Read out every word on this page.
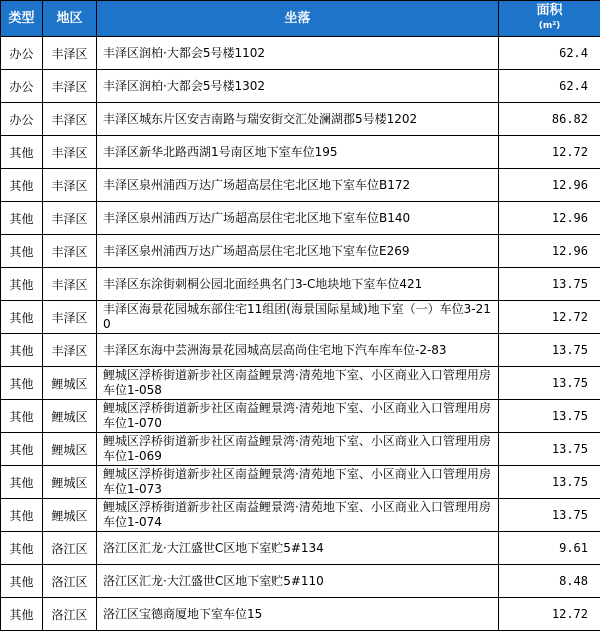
类型	地区	坐落	面积
(m²)
办公	丰泽区	丰泽区润柏·大都会5号楼1102	62.4
办公	丰泽区	丰泽区润柏·大都会5号楼1302	62.4
办公	丰泽区	丰泽区城东片区安吉南路与瑞安街交汇处澜湖郡5号楼1202	86.82
其他	丰泽区	丰泽区新华北路西湖1号南区地下室车位195	12.72
其他	丰泽区	丰泽区泉州浦西万达广场超高层住宅北区地下室车位B172	12.96
其他	丰泽区	丰泽区泉州浦西万达广场超高层住宅北区地下室车位B140	12.96
其他	丰泽区	丰泽区泉州浦西万达广场超高层住宅北区地下室车位E269	12.96
其他	丰泽区	丰泽区东涂街刺桐公园北面经典名门3-C地块地下室车位421	13.75
其他	丰泽区	丰泽区海景花园城东部住宅11组团(海景国际星域)地下室（一）车位3-210	12.72
其他	丰泽区	丰泽区东海中芸洲海景花园城高层高尚住宅地下汽车库车位-2-83	13.75
其他	鲤城区	鲤城区浮桥街道新步社区南益鲤景湾·清苑地下室、小区商业入口管理用房车位1-058	13.75
其他	鲤城区	鲤城区浮桥街道新步社区南益鲤景湾·清苑地下室、小区商业入口管理用房车位1-070	13.75
其他	鲤城区	鲤城区浮桥街道新步社区南益鲤景湾·清苑地下室、小区商业入口管理用房车位1-069	13.75
其他	鲤城区	鲤城区浮桥街道新步社区南益鲤景湾·清苑地下室、小区商业入口管理用房车位1-073	13.75
其他	鲤城区	鲤城区浮桥街道新步社区南益鲤景湾·清苑地下室、小区商业入口管理用房车位1-074	13.75
其他	洛江区	洛江区汇龙·大江盛世C区地下室贮5#134	9.61
其他	洛江区	洛江区汇龙·大江盛世C区地下室贮5#110	8.48
其他	洛江区	洛江区宝德商厦地下室车位15	12.72
